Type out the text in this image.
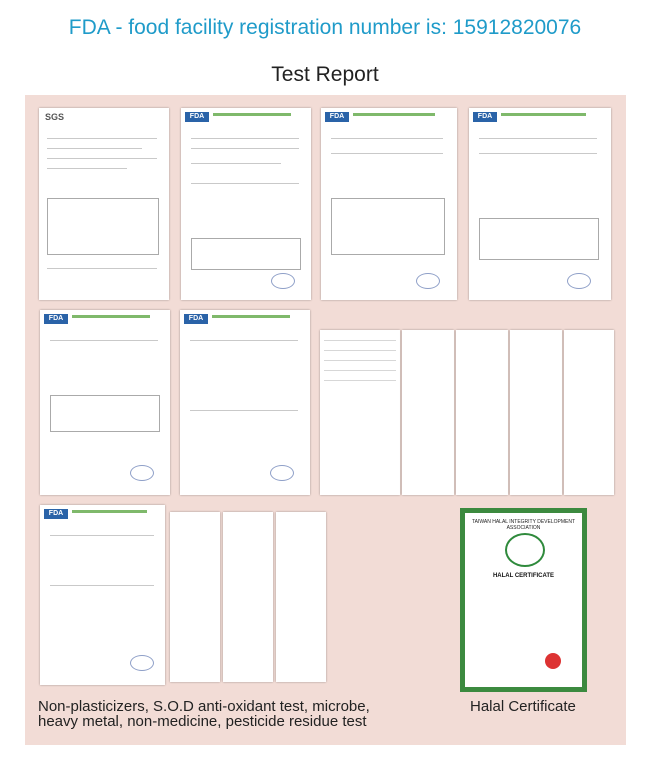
FDA - food facility registration number is: 15912820076
Test Report
SGS	FDA	FDA	FDA
FDA	FDA
FDA
TAIWAN HALAL INTEGRITY DEVELOPMENT ASSOCIATION
HALAL CERTIFICATE
Non-plasticizers, S.O.D anti-oxidant test, microbe,
heavy metal, non-medicine, pesticide residue test
Halal Certificate
